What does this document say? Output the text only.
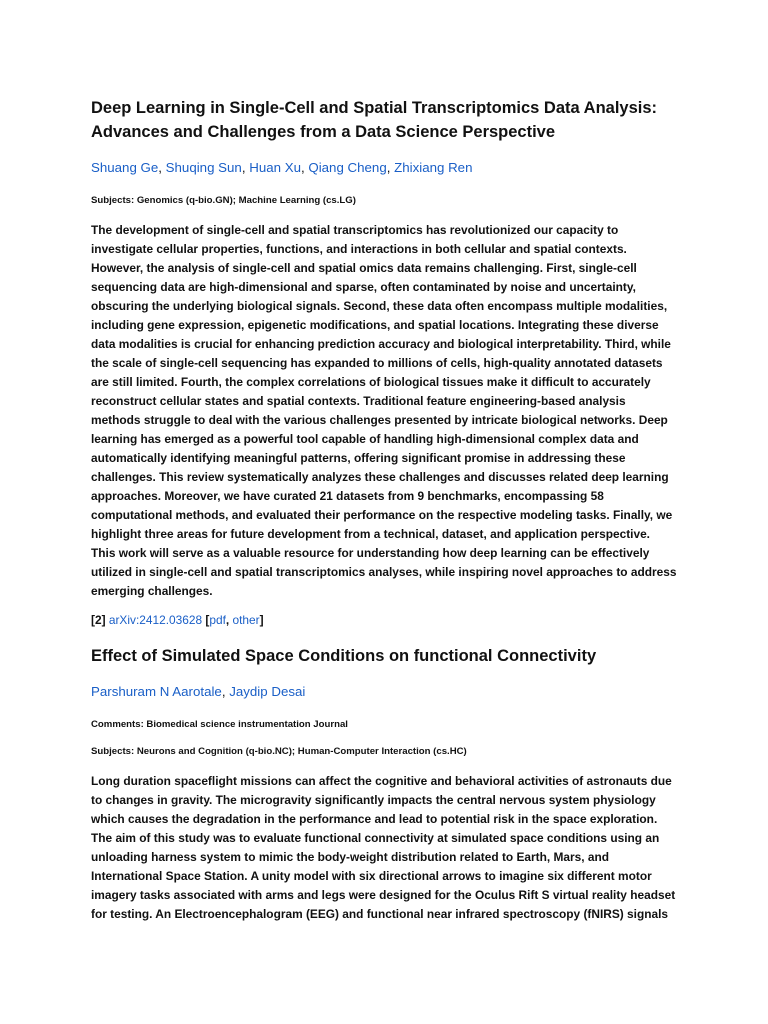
Deep Learning in Single-Cell and Spatial Transcriptomics Data Analysis: Advances and Challenges from a Data Science Perspective
Shuang Ge, Shuqing Sun, Huan Xu, Qiang Cheng, Zhixiang Ren
Subjects: Genomics (q-bio.GN); Machine Learning (cs.LG)
The development of single-cell and spatial transcriptomics has revolutionized our capacity to
investigate cellular properties, functions, and interactions in both cellular and spatial contexts.
However, the analysis of single-cell and spatial omics data remains challenging. First, single-cell
sequencing data are high-dimensional and sparse, often contaminated by noise and uncertainty,
obscuring the underlying biological signals. Second, these data often encompass multiple modalities,
including gene expression, epigenetic modifications, and spatial locations. Integrating these diverse
data modalities is crucial for enhancing prediction accuracy and biological interpretability. Third, while
the scale of single-cell sequencing has expanded to millions of cells, high-quality annotated datasets
are still limited. Fourth, the complex correlations of biological tissues make it difficult to accurately
reconstruct cellular states and spatial contexts. Traditional feature engineering-based analysis
methods struggle to deal with the various challenges presented by intricate biological networks. Deep
learning has emerged as a powerful tool capable of handling high-dimensional complex data and
automatically identifying meaningful patterns, offering significant promise in addressing these
challenges. This review systematically analyzes these challenges and discusses related deep learning
approaches. Moreover, we have curated 21 datasets from 9 benchmarks, encompassing 58
computational methods, and evaluated their performance on the respective modeling tasks. Finally, we
highlight three areas for future development from a technical, dataset, and application perspective.
This work will serve as a valuable resource for understanding how deep learning can be effectively
utilized in single-cell and spatial transcriptomics analyses, while inspiring novel approaches to address
emerging challenges.
[2] arXiv:2412.03628 [pdf, other]
Effect of Simulated Space Conditions on functional Connectivity
Parshuram N Aarotale, Jaydip Desai
Comments: Biomedical science instrumentation Journal
Subjects: Neurons and Cognition (q-bio.NC); Human-Computer Interaction (cs.HC)
Long duration spaceflight missions can affect the cognitive and behavioral activities of astronauts due
to changes in gravity. The microgravity significantly impacts the central nervous system physiology
which causes the degradation in the performance and lead to potential risk in the space exploration.
The aim of this study was to evaluate functional connectivity at simulated space conditions using an
unloading harness system to mimic the body-weight distribution related to Earth, Mars, and
International Space Station. A unity model with six directional arrows to imagine six different motor
imagery tasks associated with arms and legs were designed for the Oculus Rift S virtual reality headset
for testing. An Electroencephalogram (EEG) and functional near infrared spectroscopy (fNIRS) signals
